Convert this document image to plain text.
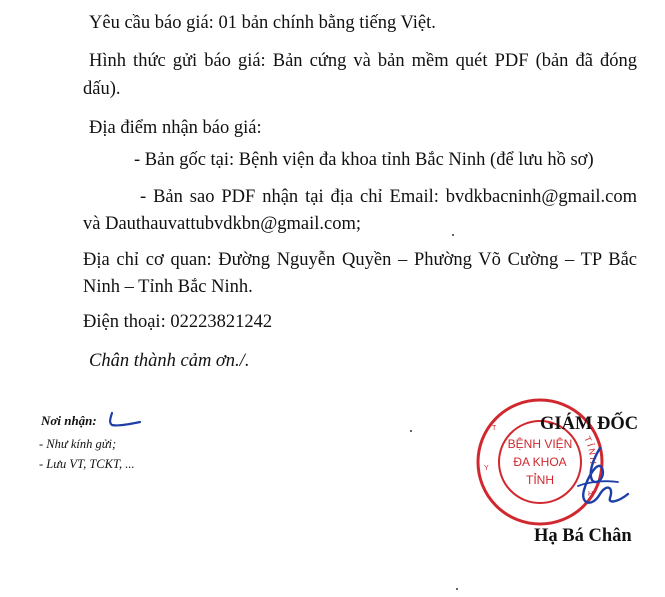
Yêu cầu báo giá: 01 bản chính bằng tiếng Việt.
Hình thức gửi báo giá: Bản cứng và bản mềm quét PDF (bản đã đóng
dấu).
Địa điểm nhận báo giá:
- Bản gốc tại: Bệnh viện đa khoa tỉnh Bắc Ninh (để lưu hồ sơ)
- Bản sao PDF nhận tại địa chỉ Email: bvdkbacninh@gmail.com
và Dauthauvattubvdkbn@gmail.com;
Địa chỉ cơ quan: Đường Nguyễn Quyền – Phường Võ Cường – TP Bắc
Ninh – Tỉnh Bắc Ninh.
Điện thoại: 02223821242
Chân thành cảm ơn./.
Nơi nhận:
- Như kính gửi;
- Lưu VT, TCKT, ...
TỈNH
Y
T
H
BỆNH VIỆN
ĐA KHOA
TỈNH
GIÁM ĐỐC
Hạ Bá Chân
